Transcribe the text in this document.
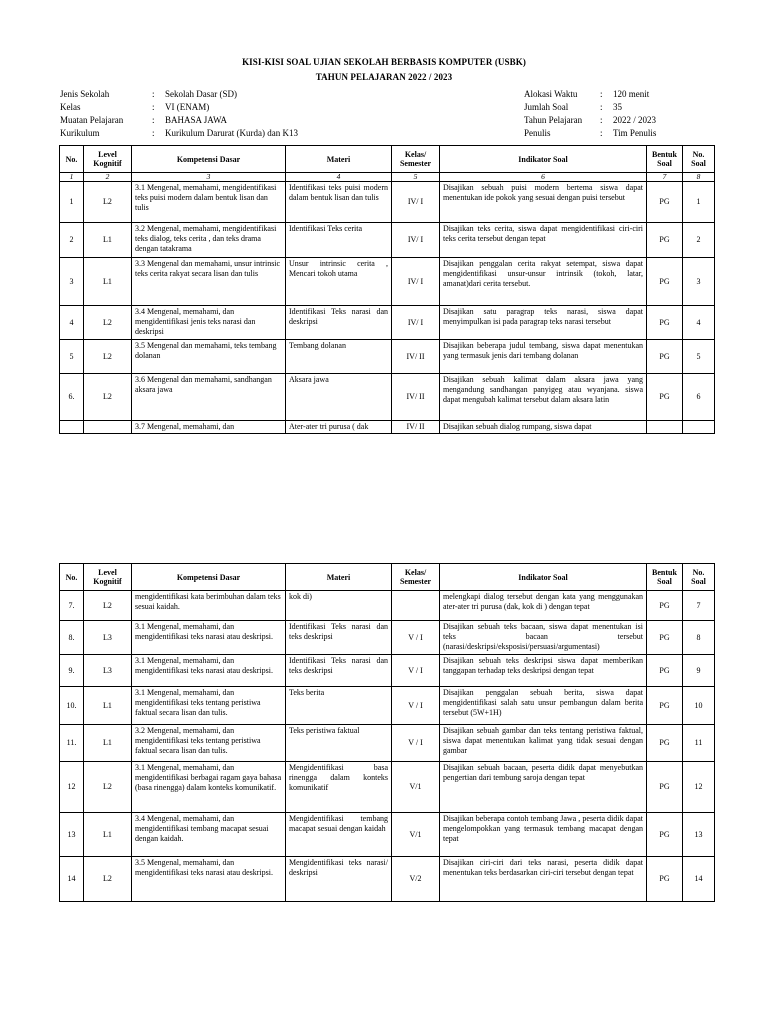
KISI-KISI SOAL UJIAN SEKOLAH BERBASIS KOMPUTER (USBK)
TAHUN PELAJARAN 2022 / 2023
Jenis Sekolah	:	Sekolah Dasar (SD)
Kelas	:	VI (ENAM)
Muatan Pelajaran	:	BAHASA JAWA
Kurikulum	:	Kurikulum Darurat (Kurda) dan K13
Alokasi Waktu	:	120 menit
Jumlah Soal	:	35
Tahun Pelajaran	:	2022 / 2023
Penulis	:	Tim Penulis
No.	Level Kognitif	Kompetensi Dasar	Materi	Kelas/ Semester	Indikator Soal	Bentuk Soal	No. Soal
1	2	3	4	5	6	7	8
1	L2	3.1 Mengenal, memahami, mengidentifikasi teks puisi modern dalam bentuk lisan dan tulis	Identifikasi teks puisi modern dalam bentuk lisan dan tulis	IV/ I	Disajikan sebuah puisi modern bertema siswa dapat menentukan ide pokok yang sesuai dengan puisi tersebut	PG	1
2	L1	3.2 Mengenal, memahami, mengidentifikasi teks dialog, teks cerita , dan teks drama dengan tatakrama	Identifikasi Teks cerita	IV/ I	Disajikan teks cerita, siswa dapat mengidentifikasi ciri-ciri teks cerita tersebut dengan tepat	PG	2
3	L1	3.3 Mengenal dan memahami, unsur intrinsic teks cerita rakyat secara lisan dan tulis	Unsur intrinsic cerita , Mencari tokoh utama	IV/ I	Disajikan penggalan cerita rakyat setempat, siswa dapat mengidentifikasi unsur-unsur intrinsik (tokoh, latar, amanat)dari cerita tersebut.	PG	3
4	L2	3.4 Mengenal, memahami, dan mengidentifikasi jenis teks narasi dan deskripsi	Identifikasi Teks narasi dan deskripsi	IV/ I	Disajikan satu paragrap teks narasi, siswa dapat menyimpulkan isi pada paragrap teks narasi tersebut	PG	4
5	L2	3.5 Mengenal dan memahami, teks tembang dolanan	Tembang dolanan	IV/ II	Disajikan beberapa judul tembang, siswa dapat menentukan yang termasuk jenis dari tembang dolanan	PG	5
6.	L2	3.6 Mengenal dan memahami, sandhangan aksara jawa	Aksara jawa	IV/ II	Disajikan sebuah kalimat dalam aksara jawa yang mengandung sandhangan panyigeg atau wyanjana. siswa dapat mengubah kalimat tersebut dalam aksara latin	PG	6
		3.7 Mengenal, memahami, dan	Ater-ater tri purusa ( dak	IV/ II	Disajikan sebuah dialog rumpang, siswa dapat		
No.	Level Kognitif	Kompetensi Dasar	Materi	Kelas/ Semester	Indikator Soal	Bentuk Soal	No. Soal
7.	L2	mengidentifikasi kata berimbuhan dalam teks sesuai kaidah.	kok di)		melengkapi dialog tersebut dengan kata yang menggunakan ater-ater tri purusa (dak, kok di ) dengan tepat	PG	7
8.	L3	3.1 Mengenal, memahami, dan mengidentifikasi teks narasi atau deskripsi.	Identifikasi Teks narasi dan teks deskripsi	V / I	Disajikan sebuah teks bacaan, siswa dapat menentukan isi teks bacaan tersebut (narasi/deskripsi/eksposisi/persuasi/argumentasi)	PG	8
9.	L3	3.1 Mengenal, memahami, dan mengidentifikasi teks narasi atau deskripsi.	Identifikasi Teks narasi dan teks deskripsi	V / I	Disajikan sebuah teks deskripsi siswa dapat memberikan tanggapan terhadap teks deskripsi dengan tepat	PG	9
10.	L1	3.1 Mengenal, memahami, dan mengidentifikasi teks tentang peristiwa faktual secara lisan dan tulis.	Teks berita	V / I	Disajikan penggalan sebuah berita, siswa dapat mengidentifikasi salah satu unsur pembangun dalam berita tersebut (5W+1H)	PG	10
11.	L1	3.2 Mengenal, memahami, dan mengidentifikasi teks tentang peristiwa faktual secara lisan dan tulis.	Teks peristiwa faktual	V / I	Disajikan sebuah gambar dan teks tentang peristiwa faktual, siswa dapat menentukan kalimat yang tidak sesuai dengan gambar	PG	11
12	L2	3.1 Mengenal, memahami, dan mengidentifikasi berbagai ragam gaya bahasa (basa rinengga) dalam konteks komunikatif.	Mengidentifikasi basa rinengga dalam konteks komunikatif	V/1	Disajikan sebuah bacaan, peserta didik dapat menyebutkan pengertian dari tembung saroja dengan tepat	PG	12
13	L1	3.4 Mengenal, memahami, dan mengidentifikasi tembang macapat sesuai dengan kaidah.	Mengidentifikasi tembang macapat sesuai dengan kaidah	V/1	Disajikan beberapa contoh tembang Jawa , peserta didik dapat mengelompokkan yang termasuk tembang macapat dengan tepat	PG	13
14	L2	3.5 Mengenal, memahami, dan mengidentifikasi teks narasi atau deskripsi.	Mengidentifikasi teks narasi/ deskripsi	V/2	Disajikan ciri-ciri dari teks narasi, peserta didik dapat menentukan teks berdasarkan ciri-ciri tersebut dengan tepat	PG	14
